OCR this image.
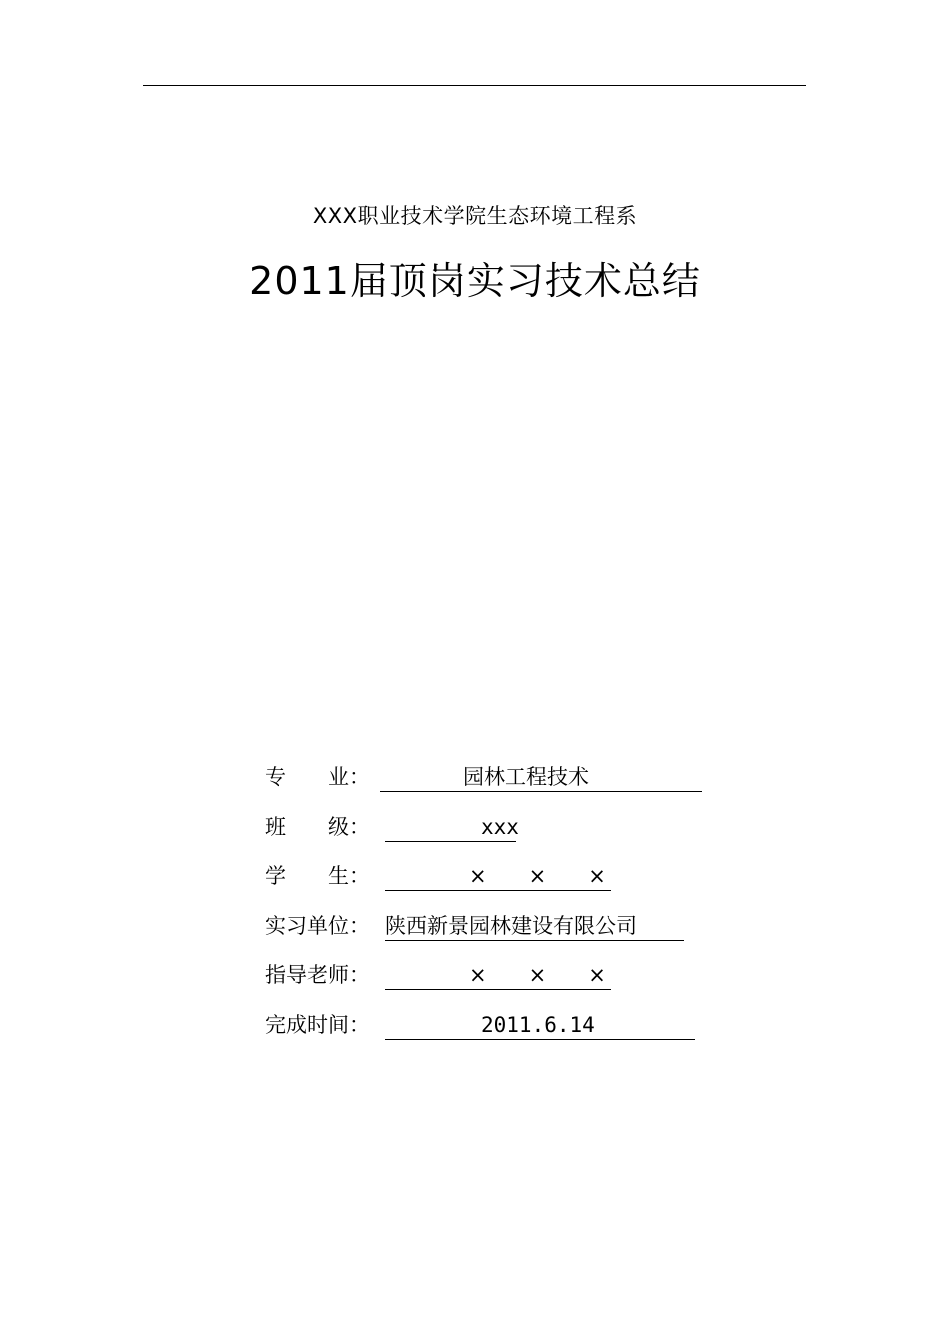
XXX职业技术学院生态环境工程系
2011届顶岗实习技术总结
专　　业：	园林工程技术
班　　级：	xxx
学　　生：	×　　×　　×
实习单位： 陕西新景园林建设有限公司
指导老师：	×　　×　　×
完成时间：	2011.6.14
